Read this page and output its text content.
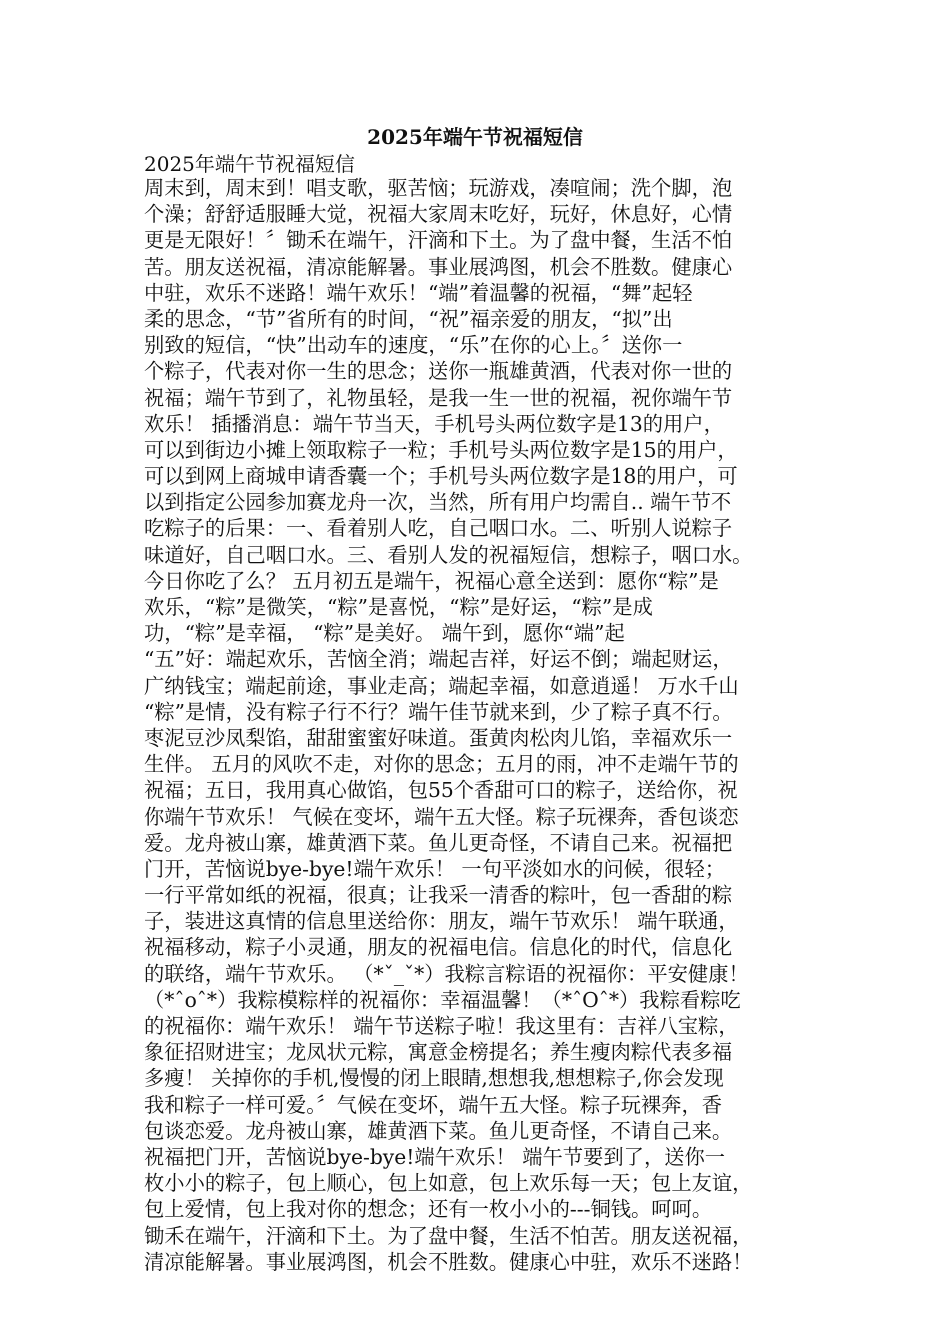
2025年端午节祝福短信
2025年端午节祝福短信
周末到，周末到！唱支歌，驱苦恼；玩游戏，凑喧闹；洗个脚，泡
个澡；舒舒适服睡大觉，祝福大家周末吃好，玩好，休息好，心情
更是无限好！〞锄禾在端午，汗滴和下土。为了盘中餐，生活不怕
苦。朋友送祝福，清凉能解暑。事业展鸿图，机会不胜数。健康心
中驻，欢乐不迷路！端午欢乐！“端”着温馨的祝福，“舞”起轻
柔的思念，“节”省所有的时间，“祝”福亲爱的朋友，“拟”出
别致的短信，“快”出动车的速度，“乐”在你的心上。〞送你一
个粽子，代表对你一生的思念；送你一瓶雄黄酒，代表对你一世的
祝福；端午节到了，礼物虽轻，是我一生一世的祝福，祝你端午节
欢乐！ 插播消息：端午节当天，手机号头两位数字是13的用户，
可以到街边小摊上领取粽子一粒；手机号头两位数字是15的用户，
可以到网上商城申请香囊一个；手机号头两位数字是18的用户，可
以到指定公园参加赛龙舟一次，当然，所有用户均需自.. 端午节不
吃粽子的后果：一、看着别人吃，自己咽口水。二、听别人说粽子
味道好，自己咽口水。三、看别人发的祝福短信，想粽子，咽口水。
今日你吃了么？ 五月初五是端午，祝福心意全送到：愿你“粽”是
欢乐，“粽”是微笑，“粽”是喜悦，“粽”是好运，“粽”是成
功，“粽”是幸福， “粽”是美好。 端午到，愿你“端”起
“五”好：端起欢乐，苦恼全消；端起吉祥，好运不倒；端起财运，
广纳钱宝；端起前途，事业走高；端起幸福，如意逍遥！ 万水千山
“粽”是情，没有粽子行不行？端午佳节就来到，少了粽子真不行。
枣泥豆沙凤梨馅，甜甜蜜蜜好味道。蛋黄肉松肉儿馅，幸福欢乐一
生伴。 五月的风吹不走，对你的思念；五月的雨，冲不走端午节的
祝福；五日，我用真心做馅，包55个香甜可口的粽子，送给你，祝
你端午节欢乐！ 气候在变坏，端午五大怪。粽子玩裸奔，香包谈恋
爱。龙舟被山寨，雄黄酒下菜。鱼儿更奇怪，不请自己来。祝福把
门开，苦恼说bye-bye!端午欢乐！ 一句平淡如水的问候，很轻；
一行平常如纸的祝福，很真；让我采一清香的粽叶，包一香甜的粽
子，装进这真情的信息里送给你：朋友，端午节欢乐！ 端午联通，
祝福移动，粽子小灵通，朋友的祝福电信。信息化的时代，信息化
的联络，端午节欢乐。 （*ˇ_ˇ*）我粽言粽语的祝福你：平安健康！
（*ˆoˆ*）我粽模粽样的祝福你：幸福温馨！（*ˆOˆ*）我粽看粽吃
的祝福你：端午欢乐！ 端午节送粽子啦！我这里有：吉祥八宝粽，
象征招财进宝；龙凤状元粽，寓意金榜提名；养生瘦肉粽代表多福
多瘦！ 关掉你的手机,慢慢的闭上眼睛,想想我,想想粽子,你会发现
我和粽子一样可爱。〞气候在变坏，端午五大怪。粽子玩裸奔，香
包谈恋爱。龙舟被山寨，雄黄酒下菜。鱼儿更奇怪，不请自己来。
祝福把门开，苦恼说bye-bye!端午欢乐！ 端午节要到了，送你一
枚小小的粽子，包上顺心，包上如意，包上欢乐每一天；包上友谊，
包上爱情，包上我对你的想念；还有一枚小小的---铜钱。呵呵。
锄禾在端午，汗滴和下土。为了盘中餐，生活不怕苦。朋友送祝福，
清凉能解暑。事业展鸿图，机会不胜数。健康心中驻，欢乐不迷路！
